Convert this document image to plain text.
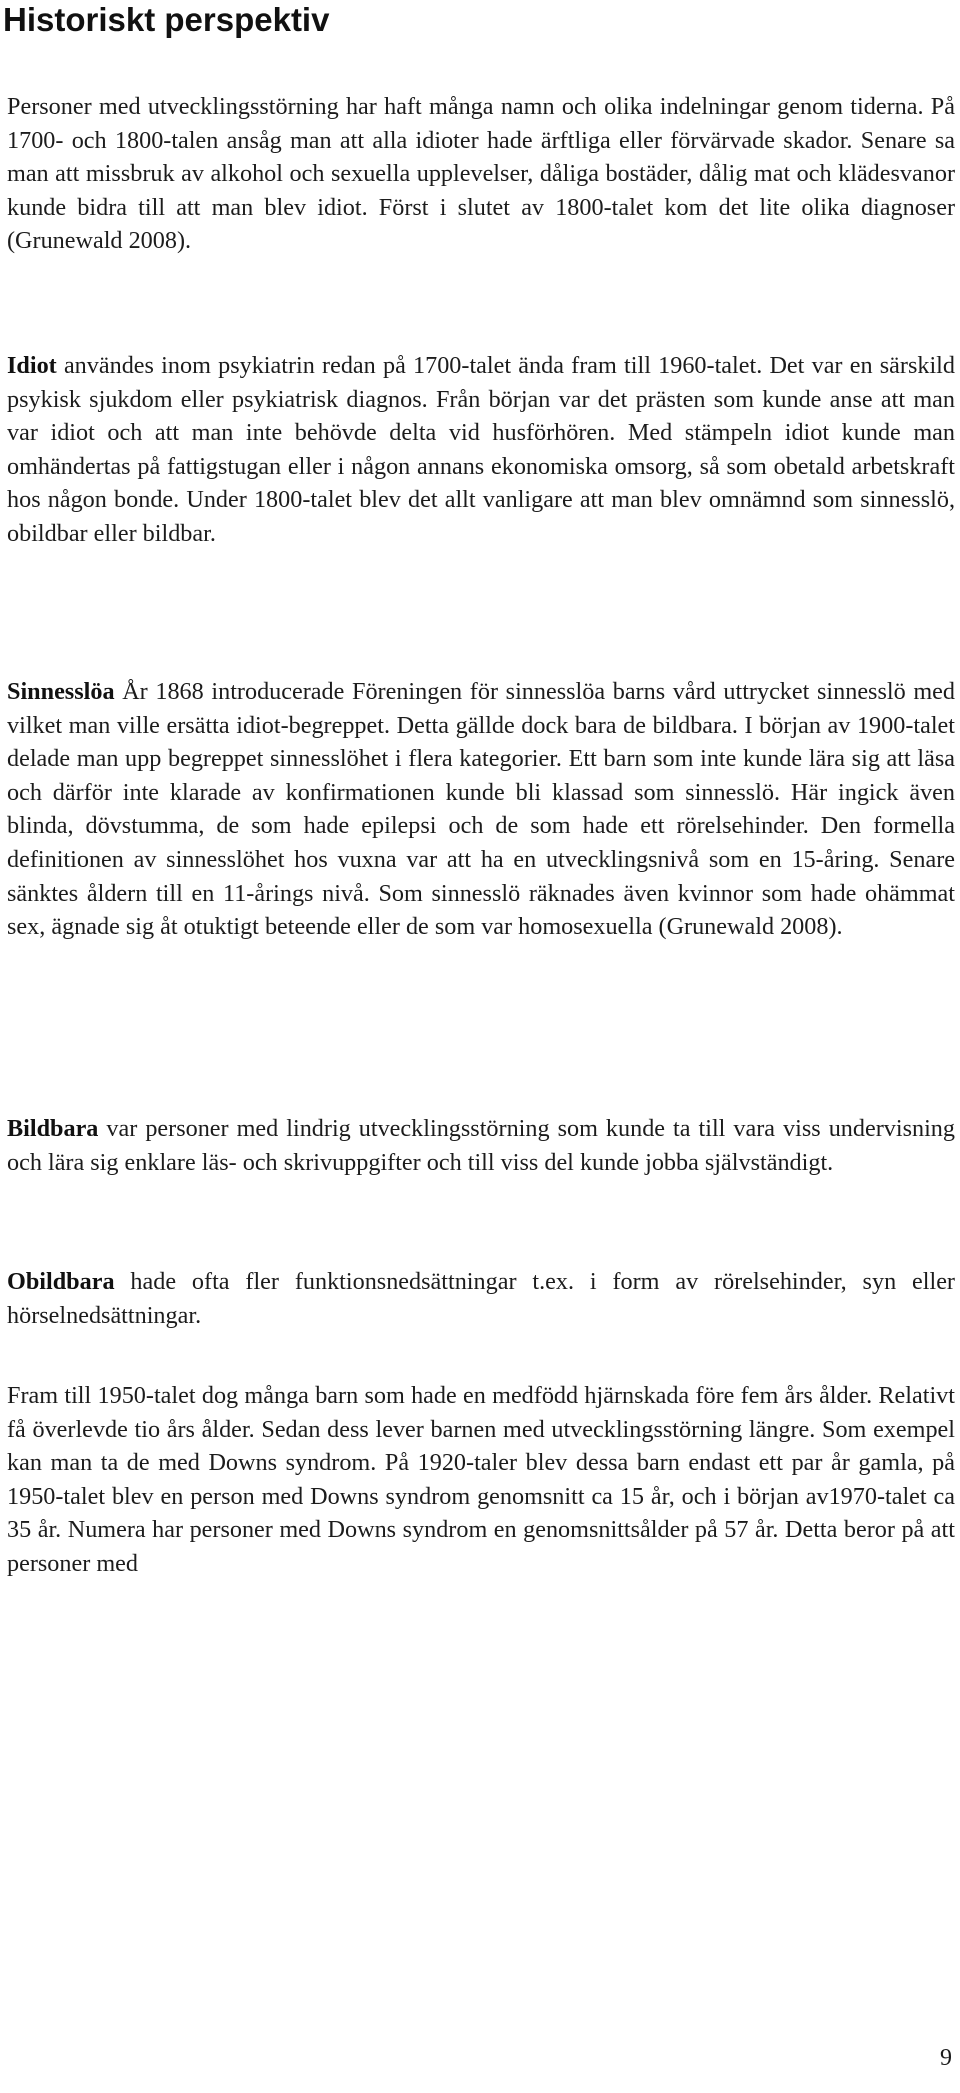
Historiskt perspektiv

Personer med utvecklingsstörning har haft många namn och olika indelningar genom tiderna. På 1700- och 1800-talen ansåg man att alla idioter hade ärftliga eller förvärvade skador. Senare sa man att missbruk av alkohol och sexuella upplevelser, dåliga bostäder, dålig mat och klädesvanor kunde bidra till att man blev idiot. Först i slutet av 1800-talet kom det lite olika diagnoser (Grunewald 2008).

Idiot användes inom psykiatrin redan på 1700-talet ända fram till 1960-talet. Det var en särskild psykisk sjukdom eller psykiatrisk diagnos. Från början var det prästen som kunde anse att man var idiot och att man inte behövde delta vid husförhören. Med stämpeln idiot kunde man omhändertas på fattigstugan eller i någon annans ekonomiska omsorg, så som obetald arbetskraft hos någon bonde. Under 1800-talet blev det allt vanligare att man blev omnämnd som sinnesslö, obildbar eller bildbar.

Sinnesslöa År 1868 introducerade Föreningen för sinnesslöa barns vård uttrycket sinnesslö med vilket man ville ersätta idiot-begreppet. Detta gällde dock bara de bildbara. I början av 1900-talet delade man upp begreppet sinnesslöhet i flera kategorier. Ett barn som inte kunde lära sig att läsa och därför inte klarade av konfirmationen kunde bli klassad som sinnesslö. Här ingick även blinda, dövstumma, de som hade epilepsi och de som hade ett rörelsehinder. Den formella definitionen av sinnesslöhet hos vuxna var att ha en utvecklingsnivå som en 15-åring. Senare sänktes åldern till en 11-årings nivå. Som sinnesslö räknades även kvinnor som hade ohämmat sex, ägnade sig åt otuktigt beteende eller de som var homosexuella (Grunewald 2008).

Bildbara var personer med lindrig utvecklingsstörning som kunde ta till vara viss undervisning och lära sig enklare läs- och skrivuppgifter och till viss del kunde jobba självständigt.

Obildbara hade ofta fler funktionsnedsättningar t.ex. i form av rörelsehinder, syn eller hörselnedsättningar.

Fram till 1950-talet dog många barn som hade en medfödd hjärnskada före fem års ålder. Relativt få överlevde tio års ålder. Sedan dess lever barnen med utvecklingsstörning längre. Som exempel kan man ta de med Downs syndrom. På 1920-taler blev dessa barn endast ett par år gamla, på 1950-talet blev en person med Downs syndrom genomsnitt ca 15 år, och i början av1970-talet ca 35 år. Numera har personer med Downs syndrom en genomsnittsålder på 57 år. Detta beror på att personer med

9
